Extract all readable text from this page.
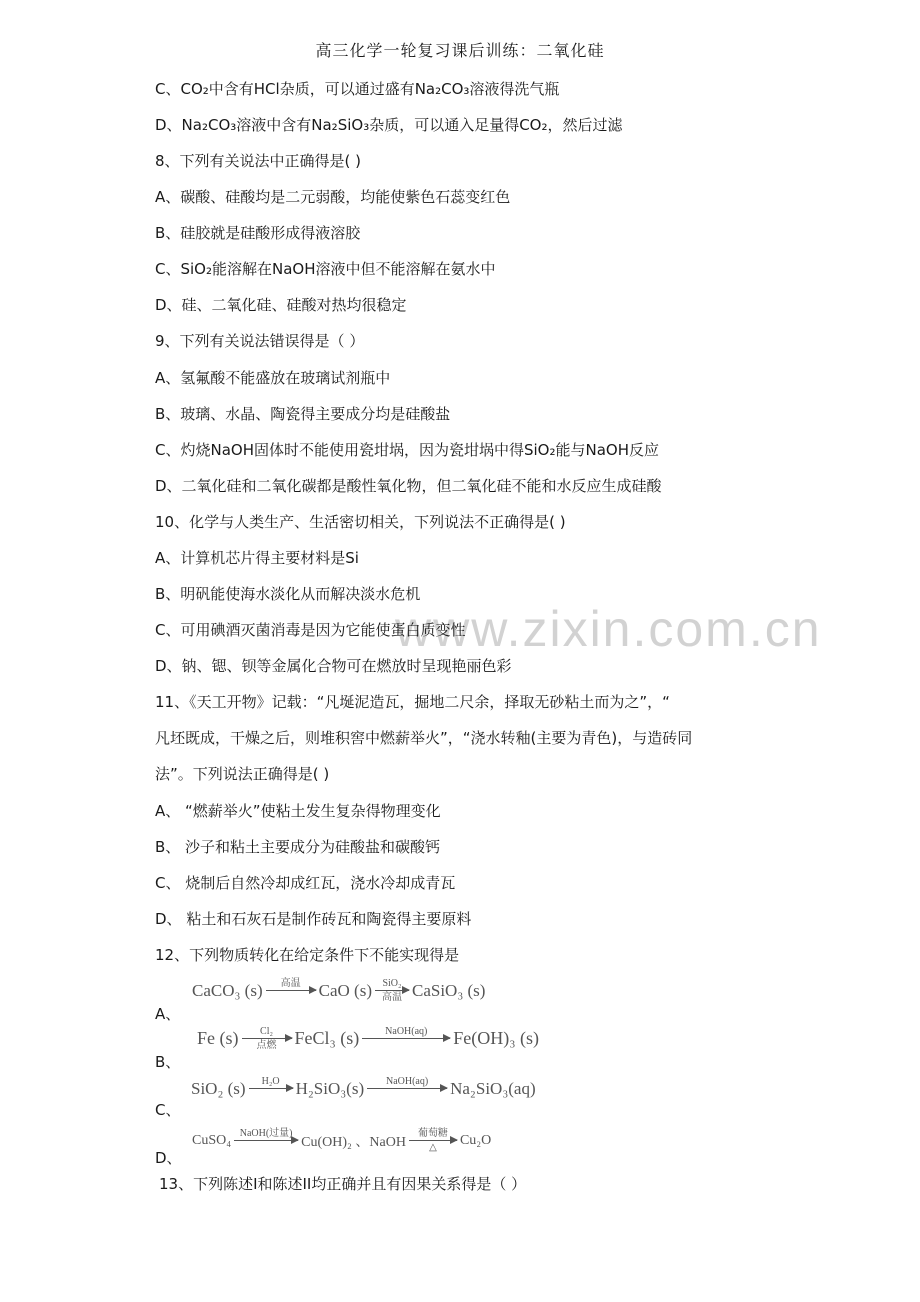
高三化学一轮复习课后训练：二氧化硅
www.zixin.com.cn
C、CO₂中含有HCl杂质，可以通过盛有Na₂CO₃溶液得洗气瓶
D、Na₂CO₃溶液中含有Na₂SiO₃杂质，可以通入足量得CO₂，然后过滤
8、下列有关说法中正确得是( )
A、碳酸、硅酸均是二元弱酸，均能使紫色石蕊变红色
B、硅胶就是硅酸形成得液溶胶
C、SiO₂能溶解在NaOH溶液中但不能溶解在氨水中
D、硅、二氧化硅、硅酸对热均很稳定
9、下列有关说法错误得是（ ）
A、氢氟酸不能盛放在玻璃试剂瓶中
B、玻璃、水晶、陶瓷得主要成分均是硅酸盐
C、灼烧NaOH固体时不能使用瓷坩埚，因为瓷坩埚中得SiO₂能与NaOH反应
D、二氧化硅和二氧化碳都是酸性氧化物，但二氧化硅不能和水反应生成硅酸
10、化学与人类生产、生活密切相关，下列说法不正确得是( )
A、计算机芯片得主要材料是Si
B、明矾能使海水淡化从而解决淡水危机
C、可用碘酒灭菌消毒是因为它能使蛋白质变性
D、钠、锶、钡等金属化合物可在燃放时呈现艳丽色彩
11、《天工开物》记载：“凡埏泥造瓦，掘地二尺余，择取无砂粘土而为之”，“
凡坯既成，干燥之后，则堆积窖中燃薪举火”，“浇水转釉(主要为青色)，与造砖同
法”。下列说法正确得是( )
A、 “燃薪举火”使粘土发生复杂得物理变化
B、 沙子和粘土主要成分为硅酸盐和碳酸钙
C、 烧制后自然冷却成红瓦，浇水冷却成青瓦
D、 粘土和石灰石是制作砖瓦和陶瓷得主要原料
12、下列物质转化在给定条件下不能实现得是
A、
CaCO₃ (s) 高温 CaO (s) SiO₂
高温 CaSiO₃ (s)
B、
Fe (s) Cl₂
点燃 FeCl₃ (s)	NaOH(aq) Fe(OH)₃ (s)
C、
SiO₂ (s) H₂O H₂SiO₃(s) NaOH(aq) Na₂SiO₃(aq)
D、
CuSO₄ NaOH(过量)
Cu(OH)₂ 、NaOH
葡萄糖
△ Cu₂O
13、下列陈述I和陈述II均正确并且有因果关系得是（ ）
